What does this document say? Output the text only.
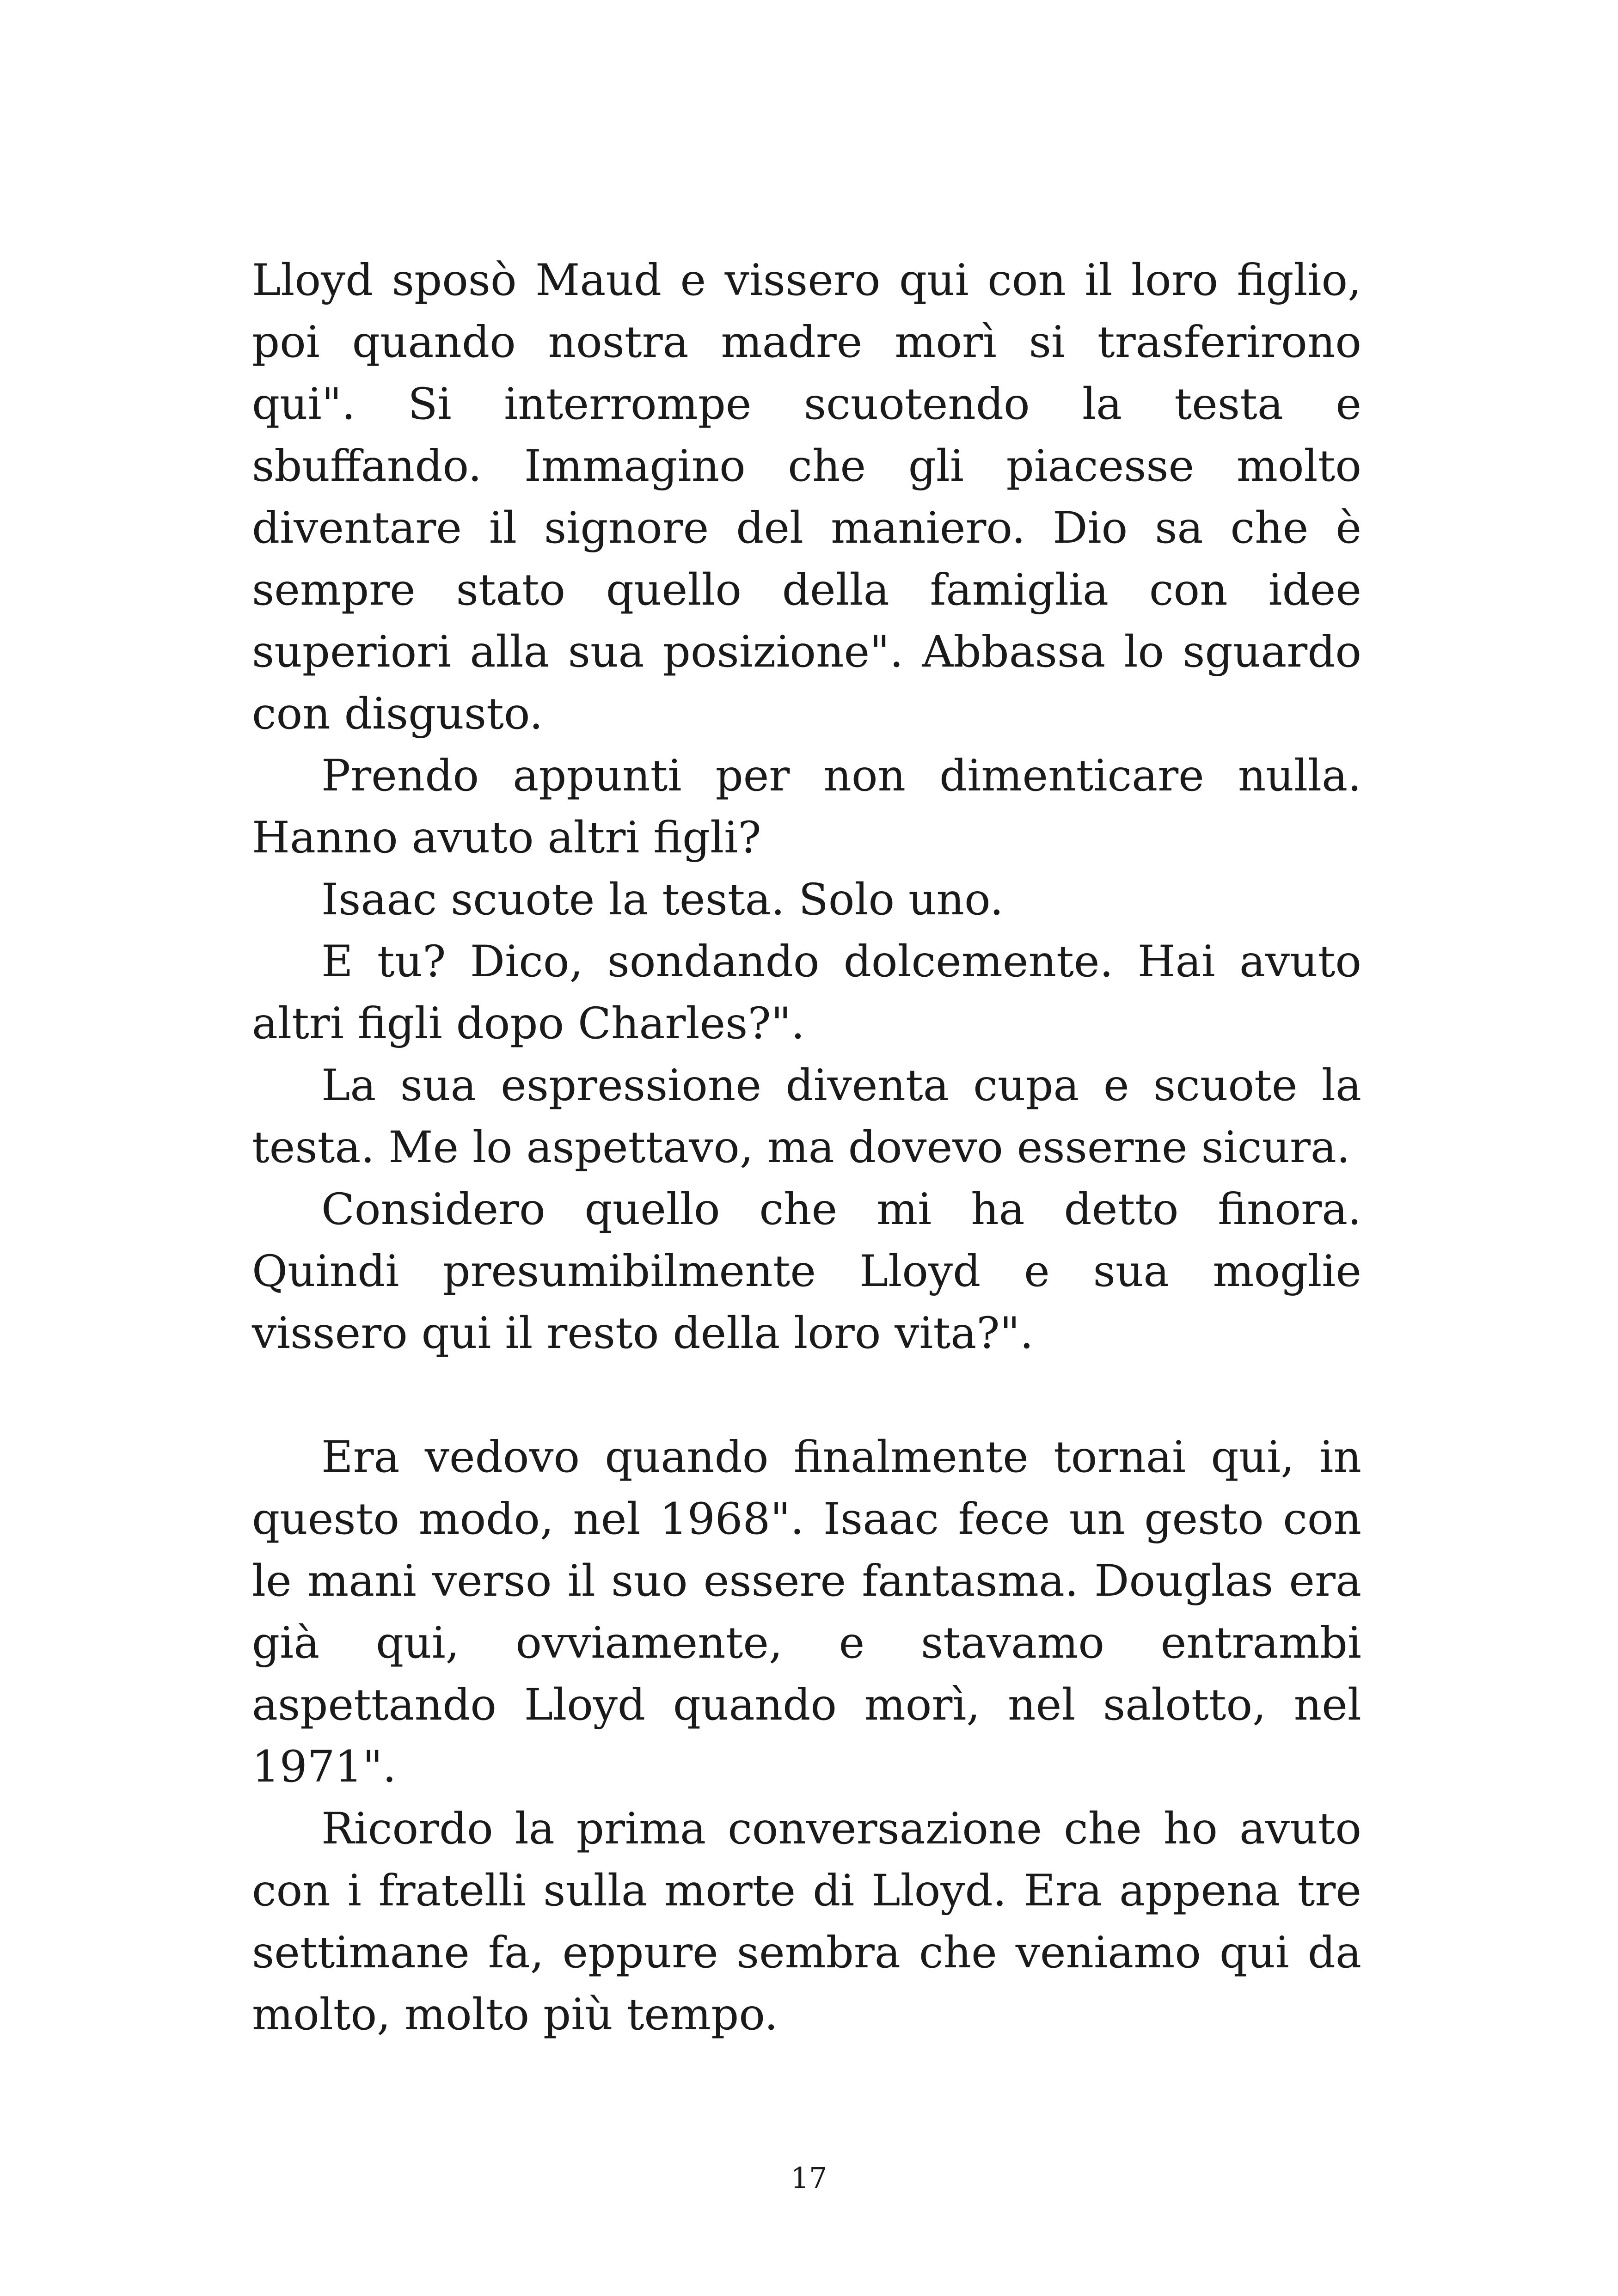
Lloyd sposò Maud e vissero qui con il loro figlio, poi quando nostra madre morì si trasferirono qui". Si interrompe scuotendo la testa e sbuffando. Immagino che gli piacesse molto diventare il signore del maniero. Dio sa che è sempre stato quello della famiglia con idee superiori alla sua posizione". Abbassa lo sguardo con disgusto.

Prendo appunti per non dimenticare nulla. Hanno avuto altri figli?

Isaac scuote la testa. Solo uno.

E tu? Dico, sondando dolcemente. Hai avuto altri figli dopo Charles?".

La sua espressione diventa cupa e scuote la testa. Me lo aspettavo, ma dovevo esserne sicura.

Considero quello che mi ha detto finora. Quindi presumibilmente Lloyd e sua moglie vissero qui il resto della loro vita?".

Era vedovo quando finalmente tornai qui, in questo modo, nel 1968". Isaac fece un gesto con le mani verso il suo essere fantasma. Douglas era già qui, ovviamente, e stavamo entrambi aspettando Lloyd quando morì, nel salotto, nel 1971".

Ricordo la prima conversazione che ho avuto con i fratelli sulla morte di Lloyd. Era appena tre settimane fa, eppure sembra che veniamo qui da molto, molto più tempo.

17
